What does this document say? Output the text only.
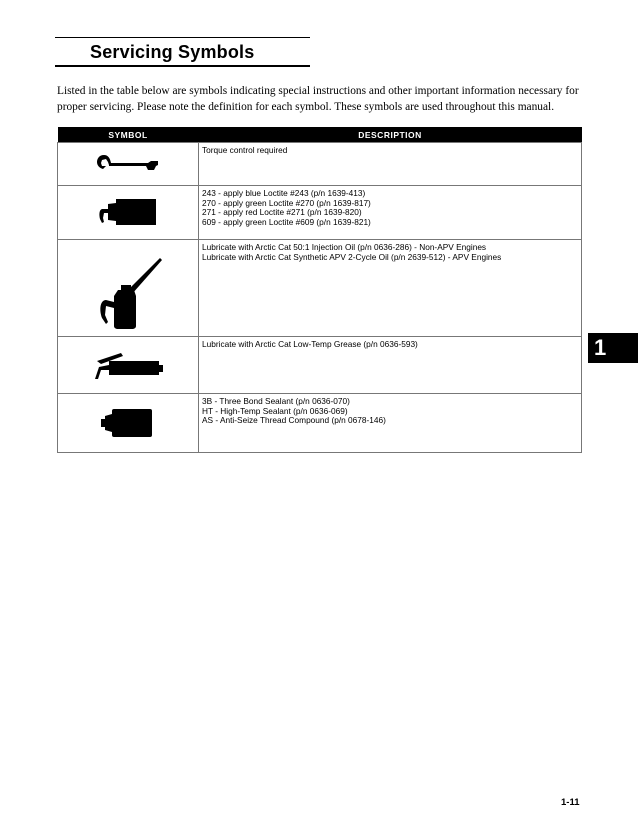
Servicing Symbols
Listed in the table below are symbols indicating special instructions and other important information necessary for proper servicing. Please note the definition for each symbol. These symbols are used throughout this manual.
SYMBOL	DESCRIPTION

Torque control required

243 - apply blue Loctite #243 (p/n 1639-413)
270 - apply green Loctite #270 (p/n 1639-817)
271 - apply red Loctite #271 (p/n 1639-820)
609 - apply green Loctite #609 (p/n 1639-821)

Lubricate with Arctic Cat 50:1 Injection Oil (p/n 0636-286) - Non-APV Engines
Lubricate with Arctic Cat Synthetic APV 2-Cycle Oil (p/n 2639-512) - APV Engines

Lubricate with Arctic Cat Low-Temp Grease (p/n 0636-593)

3B - Three Bond Sealant (p/n 0636-070)
HT - High-Temp Sealant (p/n 0636-069)
AS - Anti-Seize Thread Compound (p/n 0678-146)
1
1-11
